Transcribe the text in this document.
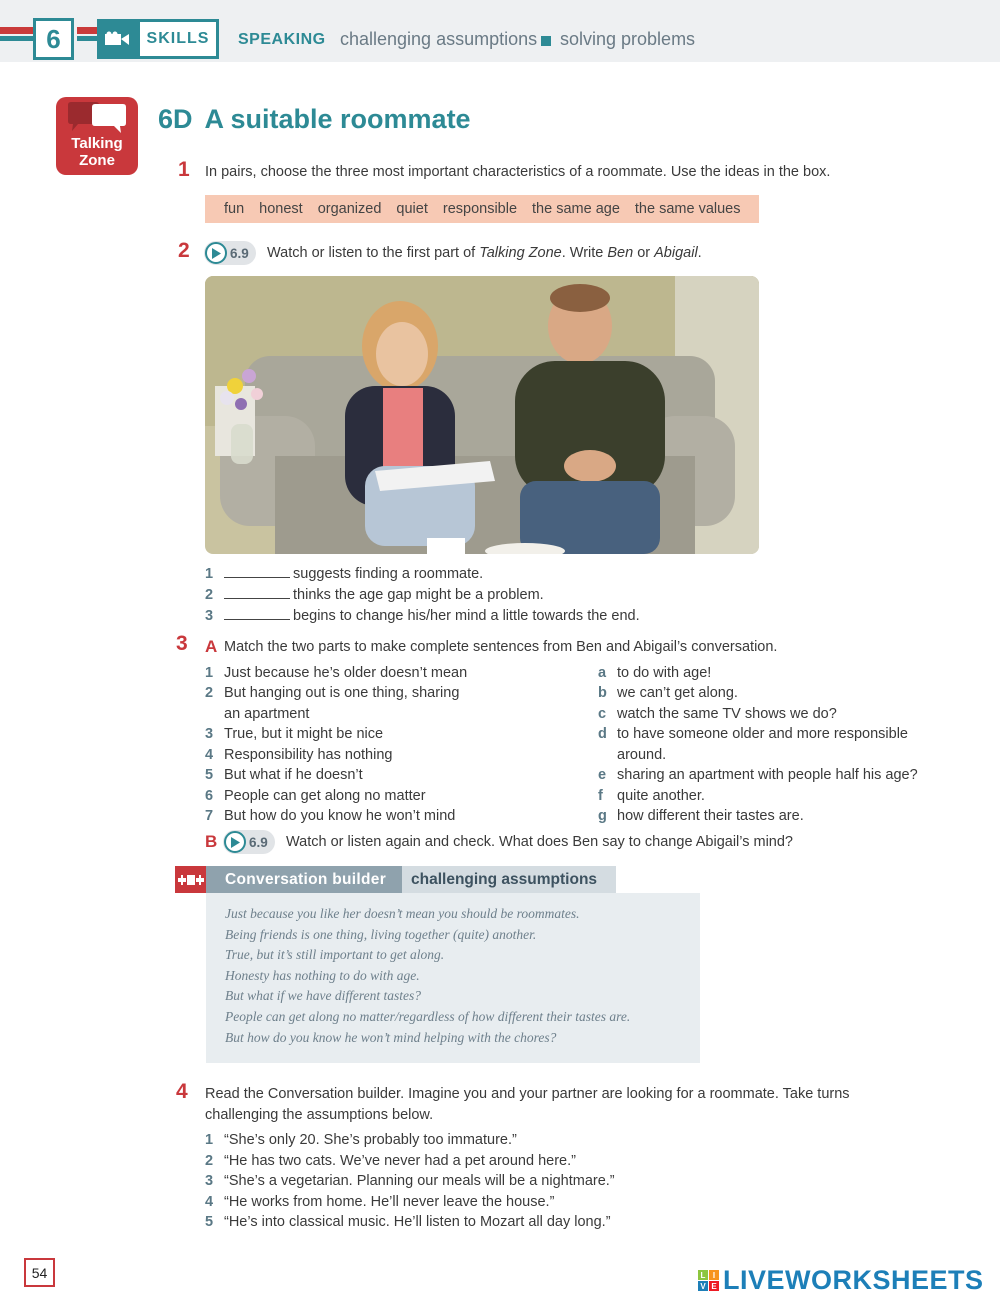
6	SKILLS	SPEAKING challenging assumptions solving problems
Talking
Zone
6D A suitable roommate
1 In pairs, choose the three most important characteristics of a roommate. Use the ideas in the box.
fun honest organized quiet responsible the same age the same values
2	6.9 Watch or listen to the first part of Talking Zone. Write Ben or Abigail.
1	suggests finding a roommate.
2	thinks the age gap might be a problem.
3	begins to change his/her mind a little towards the end.
3 A Match the two parts to make complete sentences from Ben and Abigail’s conversation.
1 Just because he’s older doesn’t mean
2 But hanging out is one thing, sharing
an apartment
3 True, but it might be nice
4 Responsibility has nothing
5 But what if he doesn’t
6 People can get along no matter
7 But how do you know he won’t mind
a to do with age!
b we can’t get along.
c watch the same TV shows we do?
d to have someone older and more responsible
around.
e sharing an apartment with people half his age?
f quite another.
g how different their tastes are.
B 6.9 Watch or listen again and check. What does Ben say to change Abigail’s mind?
Conversation builder	challenging assumptions
Just because you like her doesn’t mean you should be roommates.
Being friends is one thing, living together (quite) another.
True, but it’s still important to get along.
Honesty has nothing to do with age.
But what if we have different tastes?
People can get along no matter/regardless of how different their tastes are.
But how do you know he won’t mind helping with the chores?
4 Read the Conversation builder. Imagine you and your partner are looking for a roommate. Take turns
challenging the assumptions below.
1 “She’s only 20. She’s probably too immature.”
2 “He has two cats. We’ve never had a pet around here.”
3 “She’s a vegetarian. Planning our meals will be a nightmare.”
4 “He works from home. He’ll never leave the house.”
5 “He’s into classical music. He’ll listen to Mozart all day long.”
54	L I
V E LIVEWORKSHEETS
